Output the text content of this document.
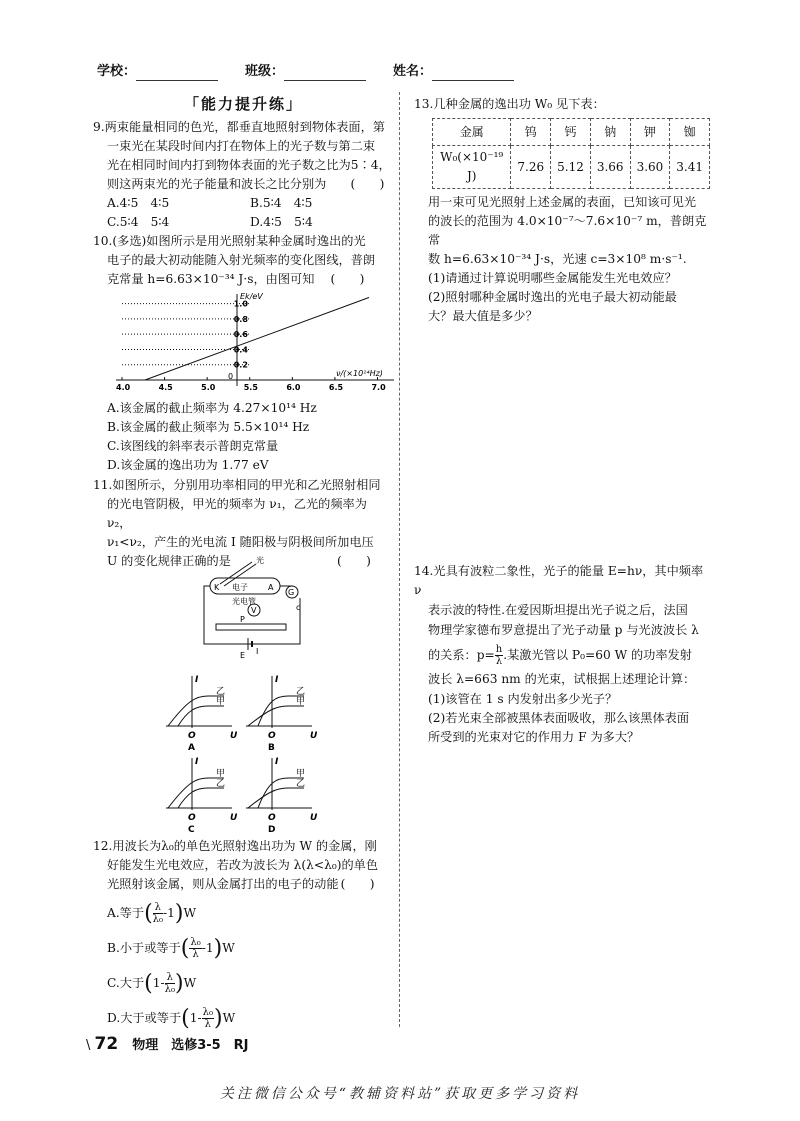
学校：	班级：	姓名：
「能力提升练」

9.两束能量相同的色光，都垂直地照射到物体表面，第

一束光在某段时间内打在物体上的光子数与第二束

光在相同时间内打到物体表面的光子数之比为5∶4，

则这两束光的光子能量和波长之比分别为 (　　)

A.4∶5　4∶5	B.5∶4　4∶5
C.5∶4　5∶4	D.4∶5　5∶4

10.(多选)如图所示是用光照射某种金属时逸出的光

电子的最大初动能随入射光频率的变化图线，普朗

克常量 h=6.63×10⁻³⁴ J·s，由图可知 (　　)

Ek/eV
ν/(×10¹⁴Hz)
0
0.2
0.4
0.6
0.8
1.0
4.0	4.5	5.0	5.5	6.0	6.5	7.0

A.该金属的截止频率为 4.27×10¹⁴ Hz

B.该金属的截止频率为 5.5×10¹⁴ Hz

C.该图线的斜率表示普朗克常量

D.该金属的逸出功为 1.77 eV

11.如图所示，分别用功率相同的甲光和乙光照射相同

的光电管阴极，甲光的频率为 ν₁，乙光的频率为 ν₂，

ν₁<ν₂，产生的光电流 I 随阳极与阴极间所加电压

U 的变化规律正确的是	(　　)

光
K 电子	A
光电管
G
V	c
P
E I
I
U
O
A
乙
甲
I
U
O
B
乙
甲
I
U
O
C
乙
甲
I
U
O
D
乙
甲

12.用波长为λ₀的单色光照射逸出功为 W 的金属，刚

好能发生光电效应，若改为波长为 λ(λ<λ₀)的单色

光照射该金属，则从金属打出的电子的动能 (　　)

A.等于( $\frac{\lambda}{\text{λ₀}} -1)W$

B.小于或等于( $\frac{\text{λ₀}}{\lambda} -1)W$

C.大于$(1- \frac{\lambda}{\text{λ₀}} )W$

D.大于或等于$(1- \frac{\text{λ₀}}{\lambda} )W$

13.几种金属的逸出功 W₀ 见下表：

金属	钨	钙	钠	钾	铷
W₀(×10⁻¹⁹ J)	7.26	5.12	3.66	3.60	3.41

用一束可见光照射上述金属的表面，已知该可见光

的波长的范围为 4.0×10⁻⁷～7.6×10⁻⁷ m，普朗克常

数 h=6.63×10⁻³⁴ J·s，光速 c=3×10⁸ m·s⁻¹.

(1)请通过计算说明哪些金属能发生光电效应？

(2)照射哪种金属时逸出的光电子最大初动能最

大？最大值是多少？

14.光具有波粒二象性，光子的能量 E=hν，其中频率 ν

表示波的特性.在爱因斯坦提出光子说之后，法国

物理学家德布罗意提出了光子动量 p 与光波波长 λ

的关系：$p= \frac{h}{\lambda}$ .某激光管以 P₀=60 W 的功率发射

波长 λ=663 nm 的光束，试根据上述理论计算：

(1)该管在 1 s 内发射出多少光子？

(2)若光束全部被黑体表面吸收，那么该黑体表面

所受到的光束对它的作用力 F 为多大？

\ 72 物理　选修3-5　RJ
关注微信公众号“教辅资料站”获取更多学习资料
